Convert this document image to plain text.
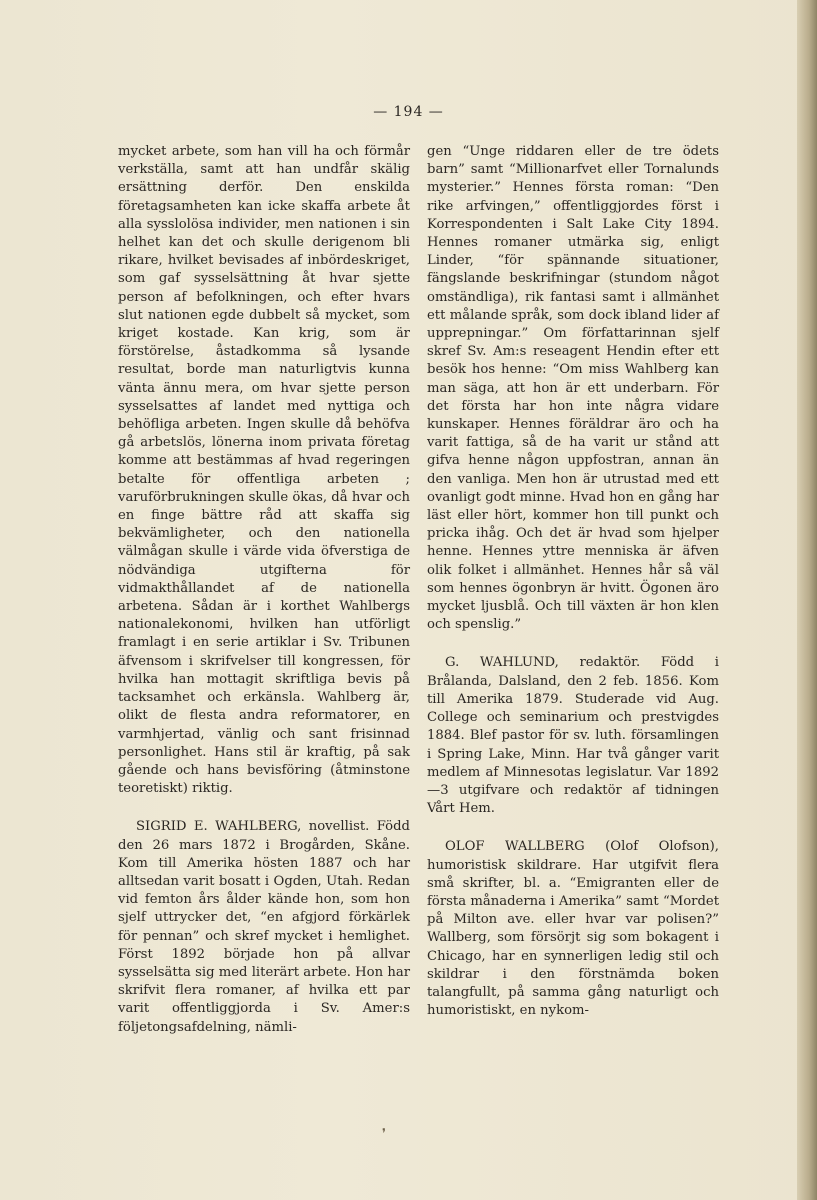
— 194 —

mycket arbete, som han vill ha och förmår verkställa, samt att han undfår skälig ersättning derför. Den enskilda företagsamheten kan icke skaffa arbete åt alla sysslolösa individer, men nationen i sin helhet kan det och skulle derigenom bli rikare, hvilket bevisades af inbördeskriget, som gaf sysselsättning åt hvar sjette person af befolkningen, och efter hvars slut nationen egde dubbelt så mycket, som kriget kostade. Kan krig, som är förstörelse, åstadkomma så lysande resultat, borde man naturligtvis kunna vänta ännu mera, om hvar sjette person sysselsattes af landet med nyttiga och behöfliga arbeten. Ingen skulle då behöfva gå arbetslös, lönerna inom privata företag komme att bestämmas af hvad regeringen betalte för offentliga arbeten ; varuförbrukningen skulle ökas, då hvar och en finge bättre råd att skaffa sig bekvämligheter, och den nationella välmågan skulle i värde vida öfverstiga de nödvändiga utgifterna för vidmakthållandet af de nationella arbetena. Sådan är i korthet Wahlbergs nationalekonomi, hvilken han utförligt framlagt i en serie artiklar i Sv. Tribunen äfvensom i skrifvelser till kongressen, för hvilka han mottagit skriftliga bevis på tacksamhet och erkänsla. Wahlberg är, olikt de flesta andra reformatorer, en varmhjertad, vänlig och sant frisinnad personlighet. Hans stil är kraftig, på sak gående och hans bevisföring (åtminstone teoretiskt) riktig.

SIGRID E. WAHLBERG, novellist. Född den 26 mars 1872 i Brogården, Skåne. Kom till Amerika hösten 1887 och har alltsedan varit bosatt i Ogden, Utah. Redan vid femton års ålder kände hon, som hon sjelf uttrycker det, “en afgjord förkärlek för pennan” och skref mycket i hemlighet. Först 1892 började hon på allvar sysselsätta sig med literärt arbete. Hon har skrifvit flera romaner, af hvilka ett par varit offentliggjorda i Sv. Amer:s följetongsafdelning, nämli-

gen “Unge riddaren eller de tre ödets barn” samt “Millionarfvet eller Tornalunds mysterier.” Hennes första roman: “Den rike arfvingen,” offentliggjordes först i Korrespondenten i Salt Lake City 1894. Hennes romaner utmärka sig, enligt Linder, “för spännande situationer, fängslande beskrifningar (stundom något omständliga), rik fantasi samt i allmänhet ett målande språk, som dock ibland lider af upprepningar.” Om författarinnan sjelf skref Sv. Am:s reseagent Hendin efter ett besök hos henne: “Om miss Wahlberg kan man säga, att hon är ett underbarn. För det första har hon inte några vidare kunskaper. Hennes föräldrar äro och ha varit fattiga, så de ha varit ur stånd att gifva henne någon uppfostran, annan än den vanliga. Men hon är utrustad med ett ovanligt godt minne. Hvad hon en gång har läst eller hört, kommer hon till punkt och pricka ihåg. Och det är hvad som hjelper henne. Hennes yttre menniska är äfven olik folket i allmänhet. Hennes hår så väl som hennes ögonbryn är hvitt. Ögonen äro mycket ljusblå. Och till växten är hon klen och spenslig.”

G. WAHLUND, redaktör. Född i Brålanda, Dalsland, den 2 feb. 1856. Kom till Amerika 1879. Studerade vid Aug. College och seminarium och prestvigdes 1884. Blef pastor för sv. luth. församlingen i Spring Lake, Minn. Har två gånger varit medlem af Minnesotas legislatur. Var 1892—3 utgifvare och redaktör af tidningen Vårt Hem.

OLOF WALLBERG (Olof Olofson), humoristisk skildrare. Har utgifvit flera små skrifter, bl. a. “Emigranten eller de första månaderna i Amerika” samt “Mordet på Milton ave. eller hvar var polisen?” Wallberg, som försörjt sig som bokagent i Chicago, har en synnerligen ledig stil och skildrar i den förstnämda boken talangfullt, på samma gång naturligt och humoristiskt, en nykom-

❜
